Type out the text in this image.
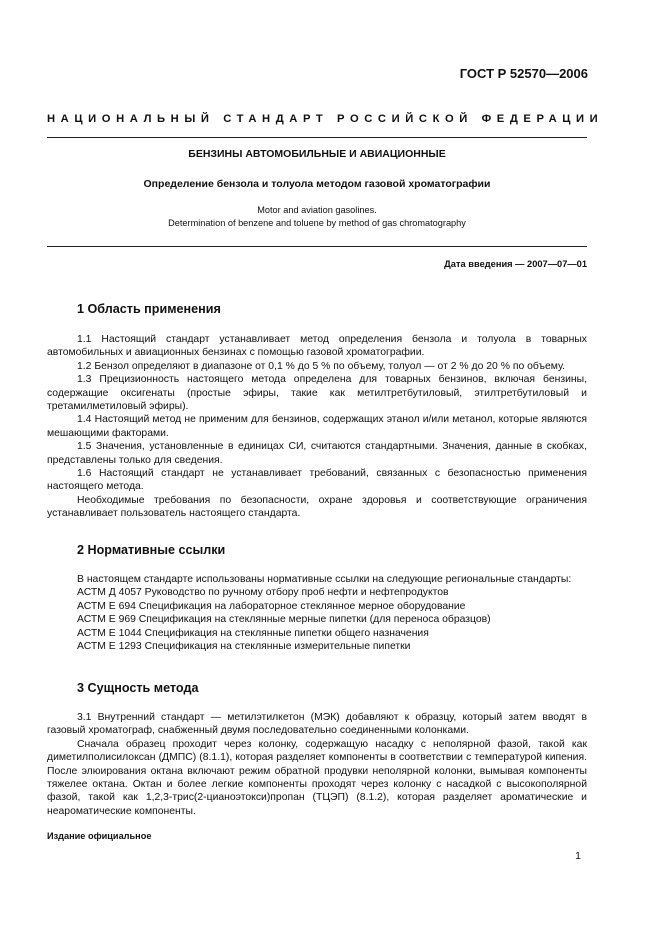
ГОСТ Р 52570—2006
НАЦИОНАЛЬНЫЙ СТАНДАРТ РОССИЙСКОЙ ФЕДЕРАЦИИ
БЕНЗИНЫ АВТОМОБИЛЬНЫЕ И АВИАЦИОННЫЕ
Определение бензола и толуола методом газовой хроматографии
Motor and aviation gasolines.
Determination of benzene and toluene by method of gas chromatography
Дата введения — 2007—07—01
1 Область применения

1.1 Настоящий стандарт устанавливает метод определения бензола и толуола в товарных автомобильных и авиационных бензинах с помощью газовой хроматографии.

1.2 Бензол определяют в диапазоне от 0,1 % до 5 % по объему, толуол — от 2 % до 20 % по объему.

1.3 Прецизионность настоящего метода определена для товарных бензинов, включая бензины, содержащие оксигенаты (простые эфиры, такие как метилтретбутиловый, этилтретбутиловый и третамилметиловый эфиры).

1.4 Настоящий метод не применим для бензинов, содержащих этанол и/или метанол, которые являются мешающими факторами.

1.5 Значения, установленные в единицах СИ, считаются стандартными. Значения, данные в скобках, представлены только для сведения.

1.6 Настоящий стандарт не устанавливает требований, связанных с безопасностью применения настоящего метода.

Необходимые требования по безопасности, охране здоровья и соответствующие ограничения устанавливает пользователь настоящего стандарта.

2 Нормативные ссылки

В настоящем стандарте использованы нормативные ссылки на следующие региональные стандарты:

АСТМ Д 4057 Руководство по ручному отбору проб нефти и нефтепродуктов

АСТМ Е 694 Спецификация на лабораторное стеклянное мерное оборудование

АСТМ Е 969 Спецификация на стеклянные мерные пипетки (для переноса образцов)

АСТМ Е 1044 Спецификация на стеклянные пипетки общего назначения

АСТМ Е 1293 Спецификация на стеклянные измерительные пипетки

3 Сущность метода

3.1 Внутренний стандарт — метилэтилкетон (МЭК) добавляют к образцу, который затем вводят в газовый хроматограф, снабженный двумя последовательно соединенными колонками.

Сначала образец проходит через колонку, содержащую насадку с неполярной фазой, такой как диметилполисилоксан (ДМПС) (8.1.1), которая разделяет компоненты в соответствии с температурой кипения. После элюирования октана включают режим обратной продувки неполярной колонки, вымывая компоненты тяжелее октана. Октан и более легкие компоненты проходят через колонку с насадкой с высокополярной фазой, такой как 1,2,3-трис(2-цианоэтокси)пропан (ТЦЭП) (8.1.2), которая разделяет ароматические и неароматические компоненты.

Издание официальное
1
